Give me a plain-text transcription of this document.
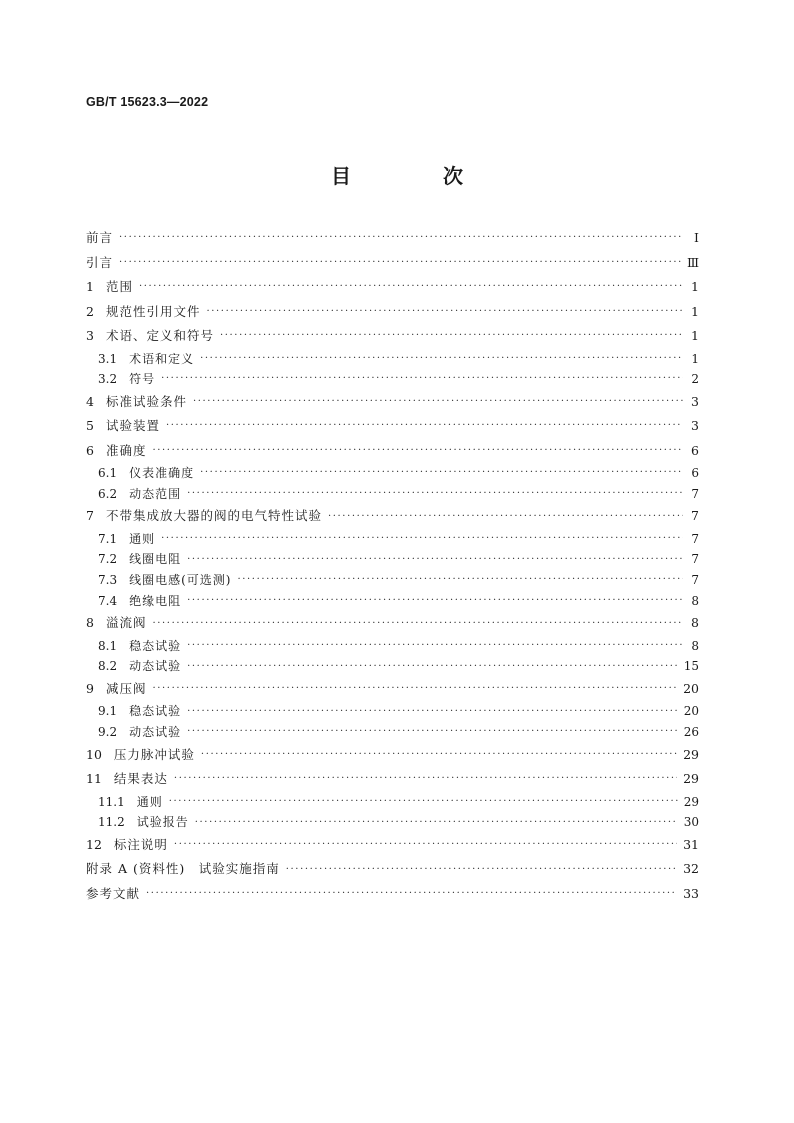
GB/T 15623.3—2022
目　次
前言 ·····	Ⅰ
引言 ·····	Ⅲ
1 范围 ·····	1
2 规范性引用文件 ·····	1
3 术语、定义和符号 ·····	1
3.1 术语和定义 ·····	1
3.2 符号 ·····	2
4 标准试验条件 ·····	3
5 试验装置 ·····	3
6 准确度 ·····	6
6.1 仪表准确度 ·····	6
6.2 动态范围 ·····	7
7 不带集成放大器的阀的电气特性试验 ·····	7
7.1 通则 ·····	7
7.2 线圈电阻 ·····	7
7.3 线圈电感(可选测) ·····	7
7.4 绝缘电阻 ·····	8
8 溢流阀 ·····	8
8.1 稳态试验 ·····	8
8.2 动态试验 ·····	15
9 减压阀 ·····	20
9.1 稳态试验 ·····	20
9.2 动态试验 ·····	26
10 压力脉冲试验 ·····	29
11 结果表达 ·····	29
11.1 通则 ·····	29
11.2 试验报告 ·····	30
12 标注说明 ·····	31
附录 A (资料性)　试验实施指南 ·····	32
参考文献 ·····	33
